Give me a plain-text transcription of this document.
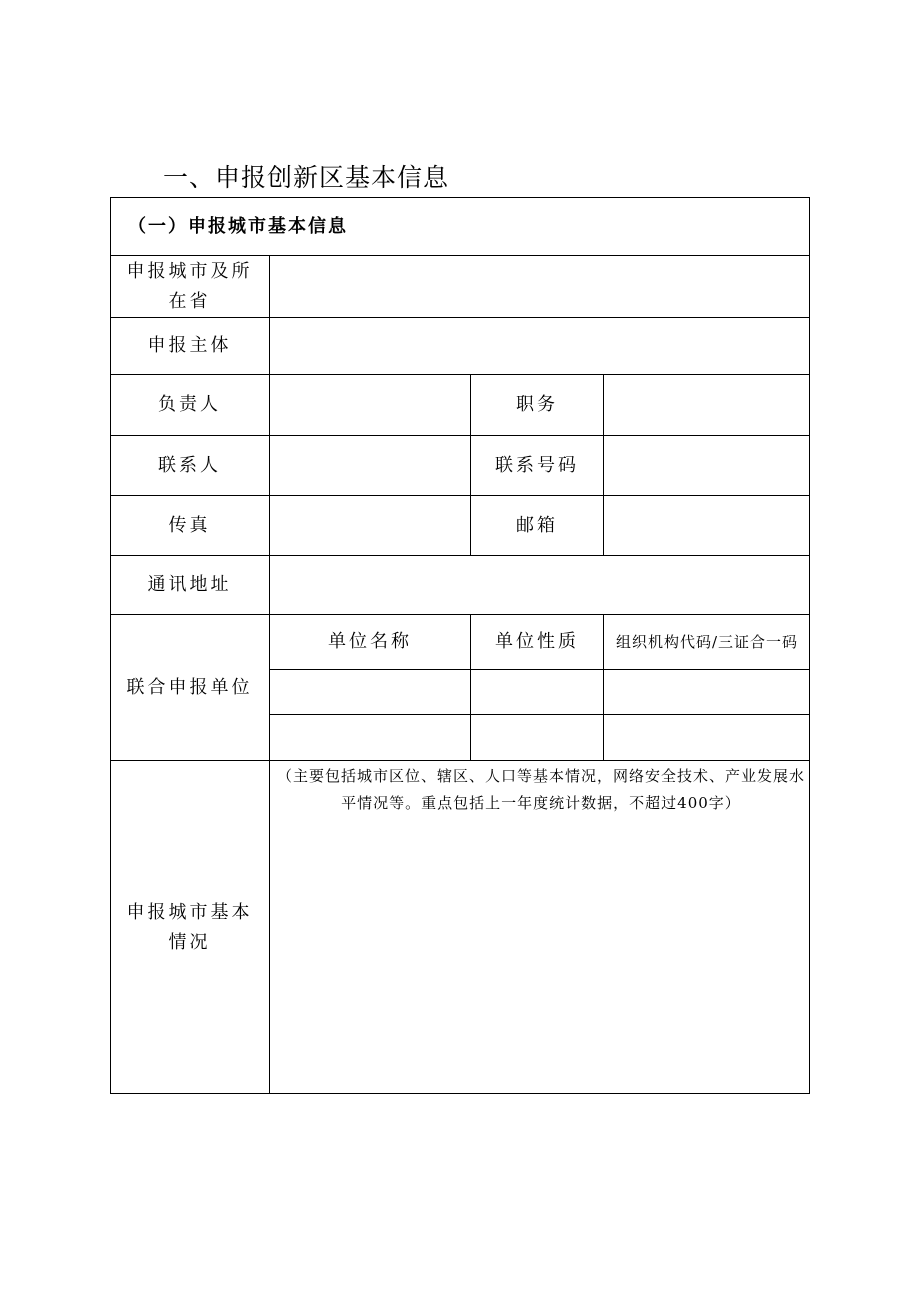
一、申报创新区基本信息
（一）申报城市基本信息
申报城市及所在省
申报主体
负责人	职务
联系人	联系号码
传真	邮箱
通讯地址
联合申报单位
单位名称	单位性质	组织机构代码/三证合一码
申报城市基本情况
（主要包括城市区位、辖区、人口等基本情况，网络安全技术、产业发展水平情况等。重点包括上一年度统计数据，不超过400字）
